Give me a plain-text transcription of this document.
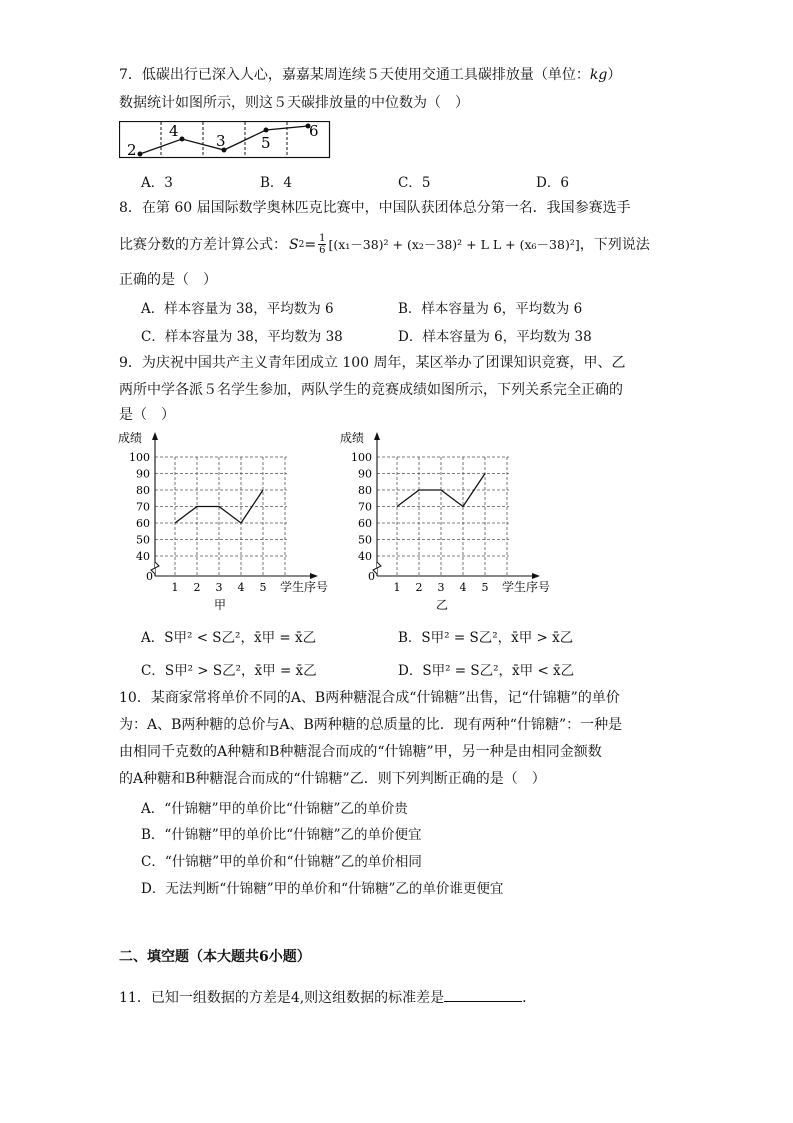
7．低碳出行已深入人心，嘉嘉某周连续５天使用交通工具碳排放量（单位：kg）
数据统计如图所示，则这５天碳排放量的中位数为（　）
2
4
3 5
6
A．3	B．4	C．5	D．6
8．在第 60 届国际数学奥林匹克比赛中，中国队获团体总分第一名．我国参赛选手
比赛分数的方差计算公式： S $2 = \frac{1}{6} [(x_1-38)^2 + (x_2-38)^2 + L$ L + (x₆－38)²] ，下列说法
正确的是（　）
A．样本容量为 38，平均数为 6	B．样本容量为 6，平均数为 6
C．样本容量为 38，平均数为 38	D．样本容量为 6，平均数为 38
9．为庆祝中国共产主义青年团成立 100 周年，某区举办了团课知识竞赛，甲、乙
两所中学各派５名学生参加，两队学生的竞赛成绩如图所示，下列关系完全正确的
是（　）
成绩
100
90
80
70
60
50
40
0
1 2 3 4 5 学生序号
甲
成绩
100
90
80
70
60
50
40
0
1 2 3 4 5 学生序号
乙
A．S甲² < S乙²，x̄甲 = x̄乙	B．S甲² = S乙²，x̄甲 > x̄乙
C．S甲² > S乙²，x̄甲 = x̄乙	D．S甲² = S乙²，x̄甲 < x̄乙
10．某商家常将单价不同的A、B两种糖混合成“什锦糖”出售，记“什锦糖”的单价
为：A、B两种糖的总价与A、B两种糖的总质量的比．现有两种“什锦糖”：一种是
由相同千克数的A种糖和B种糖混合而成的“什锦糖”甲，另一种是由相同金额数
的A种糖和B种糖混合而成的“什锦糖”乙．则下列判断正确的是（　）
A．“什锦糖”甲的单价比“什锦糖”乙的单价贵
B．“什锦糖”甲的单价比“什锦糖”乙的单价便宜
C．“什锦糖”甲的单价和“什锦糖”乙的单价相同
D．无法判断“什锦糖”甲的单价和“什锦糖”乙的单价谁更便宜
二、填空题（本大题共6小题）
11．已知一组数据的方差是4,则这组数据的标准差是	．
